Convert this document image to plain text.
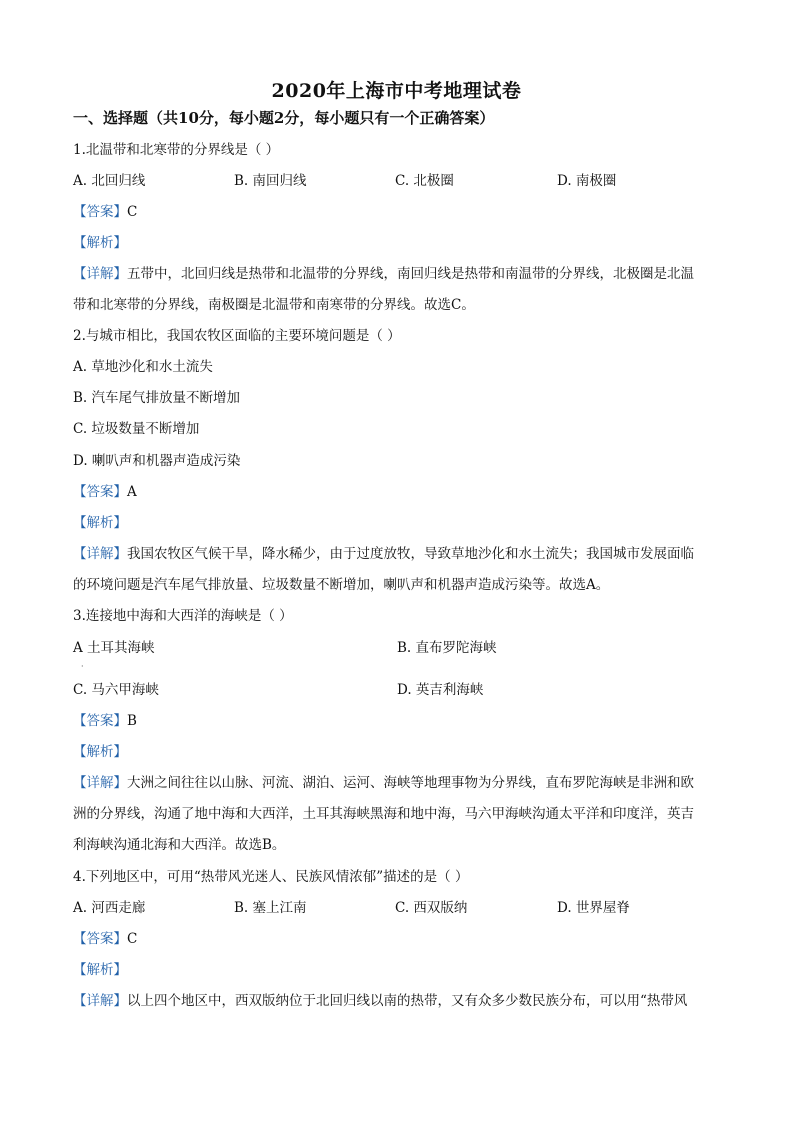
2020年上海市中考地理试卷
一、选择题（共10分，每小题2分，每小题只有一个正确答案）
1.北温带和北寒带的分界线是（ ）
A. 北回归线	B. 南回归线	C. 北极圈	D. 南极圈
【答案】C
【解析】
【详解】五带中，北回归线是热带和北温带的分界线，南回归线是热带和南温带的分界线，北极圈是北温
带和北寒带的分界线，南极圈是北温带和南寒带的分界线。故选C。
2.与城市相比，我国农牧区面临的主要环境问题是（ ）
A. 草地沙化和水土流失
B. 汽车尾气排放量不断增加
C. 垃圾数量不断增加
D. 喇叭声和机器声造成污染
【答案】A
【解析】
【详解】我国农牧区气候干旱，降水稀少，由于过度放牧，导致草地沙化和水土流失；我国城市发展面临
的环境问题是汽车尾气排放量、垃圾数量不断增加，喇叭声和机器声造成污染等。故选A。
3.连接地中海和大西洋的海峡是（ ）
A 土耳其海峡	B. 直布罗陀海峡
·
C. 马六甲海峡	D. 英吉利海峡
【答案】B
【解析】
【详解】大洲之间往往以山脉、河流、湖泊、运河、海峡等地理事物为分界线，直布罗陀海峡是非洲和欧
洲的分界线，沟通了地中海和大西洋，土耳其海峡黑海和地中海，马六甲海峡沟通太平洋和印度洋，英吉
利海峡沟通北海和大西洋。故选B。
4.下列地区中，可用“热带风光迷人、民族风情浓郁”描述的是（ ）
A. 河西走廊	B. 塞上江南	C. 西双版纳	D. 世界屋脊
【答案】C
【解析】
【详解】以上四个地区中，西双版纳位于北回归线以南的热带，又有众多少数民族分布，可以用“热带风
